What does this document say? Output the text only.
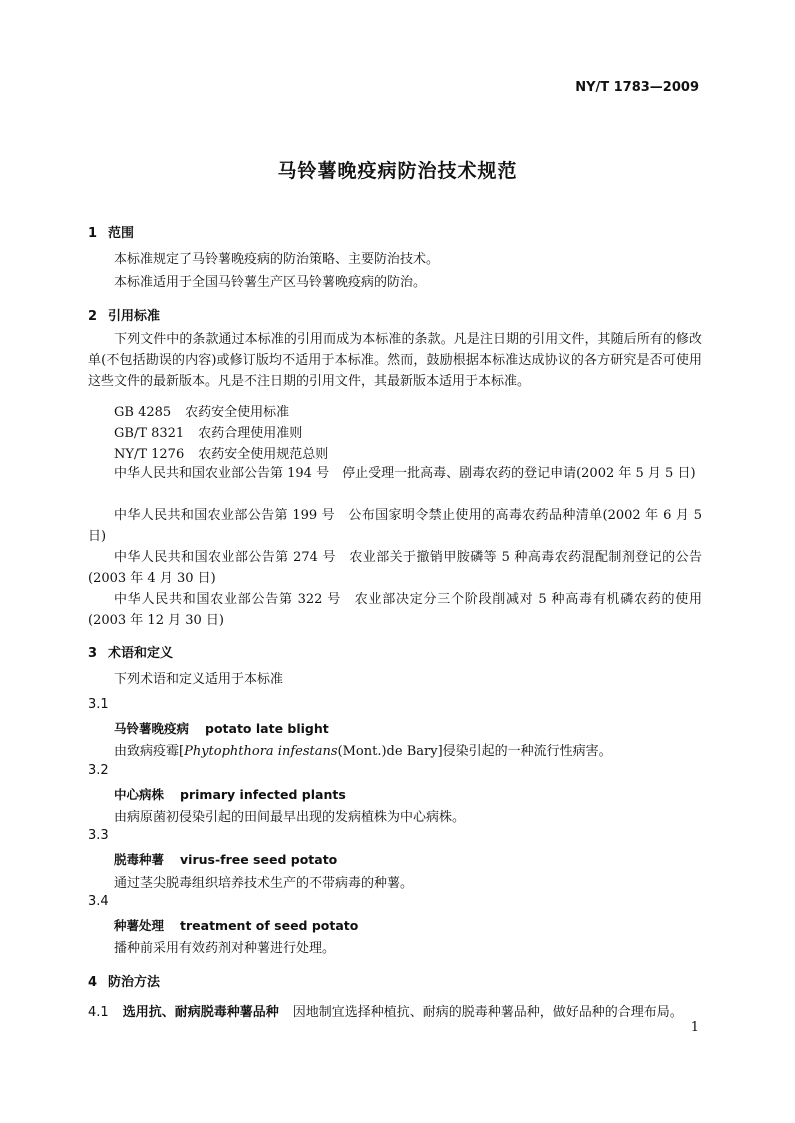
NY/T 1783—2009
马铃薯晚疫病防治技术规范
1 范围
本标准规定了马铃薯晚疫病的防治策略、主要防治技术。
本标准适用于全国马铃薯生产区马铃薯晚疫病的防治。
2 引用标准
下列文件中的条款通过本标准的引用而成为本标准的条款。凡是注日期的引用文件，其随后所有的修改单(不包括勘误的内容)或修订版均不适用于本标准。然而，鼓励根据本标准达成协议的各方研究是否可使用这些文件的最新版本。凡是不注日期的引用文件，其最新版本适用于本标准。
GB 4285 农药安全使用标准
GB/T 8321 农药合理使用准则
NY/T 1276 农药安全使用规范总则
中华人民共和国农业部公告第 194 号　停止受理一批高毒、剧毒农药的登记申请(2002 年 5 月 5 日)
中华人民共和国农业部公告第 199 号　公布国家明令禁止使用的高毒农药品种清单(2002 年 6 月 5 日)
中华人民共和国农业部公告第 274 号　农业部关于撤销甲胺磷等 5 种高毒农药混配制剂登记的公告(2003 年 4 月 30 日)
中华人民共和国农业部公告第 322 号　农业部决定分三个阶段削减对 5 种高毒有机磷农药的使用(2003 年 12 月 30 日)
3 术语和定义
下列术语和定义适用于本标准
3.1
马铃薯晚疫病 potato late blight
由致病疫霉[Phytophthora infestans(Mont.)de Bary]侵染引起的一种流行性病害。
3.2
中心病株 primary infected plants
由病原菌初侵染引起的田间最早出现的发病植株为中心病株。
3.3
脱毒种薯 virus-free seed potato
通过茎尖脱毒组织培养技术生产的不带病毒的种薯。
3.4
种薯处理 treatment of seed potato
播种前采用有效药剂对种薯进行处理。
4 防治方法
4.1 选用抗、耐病脱毒种薯品种 因地制宜选择种植抗、耐病的脱毒种薯品种，做好品种的合理布局。
1
